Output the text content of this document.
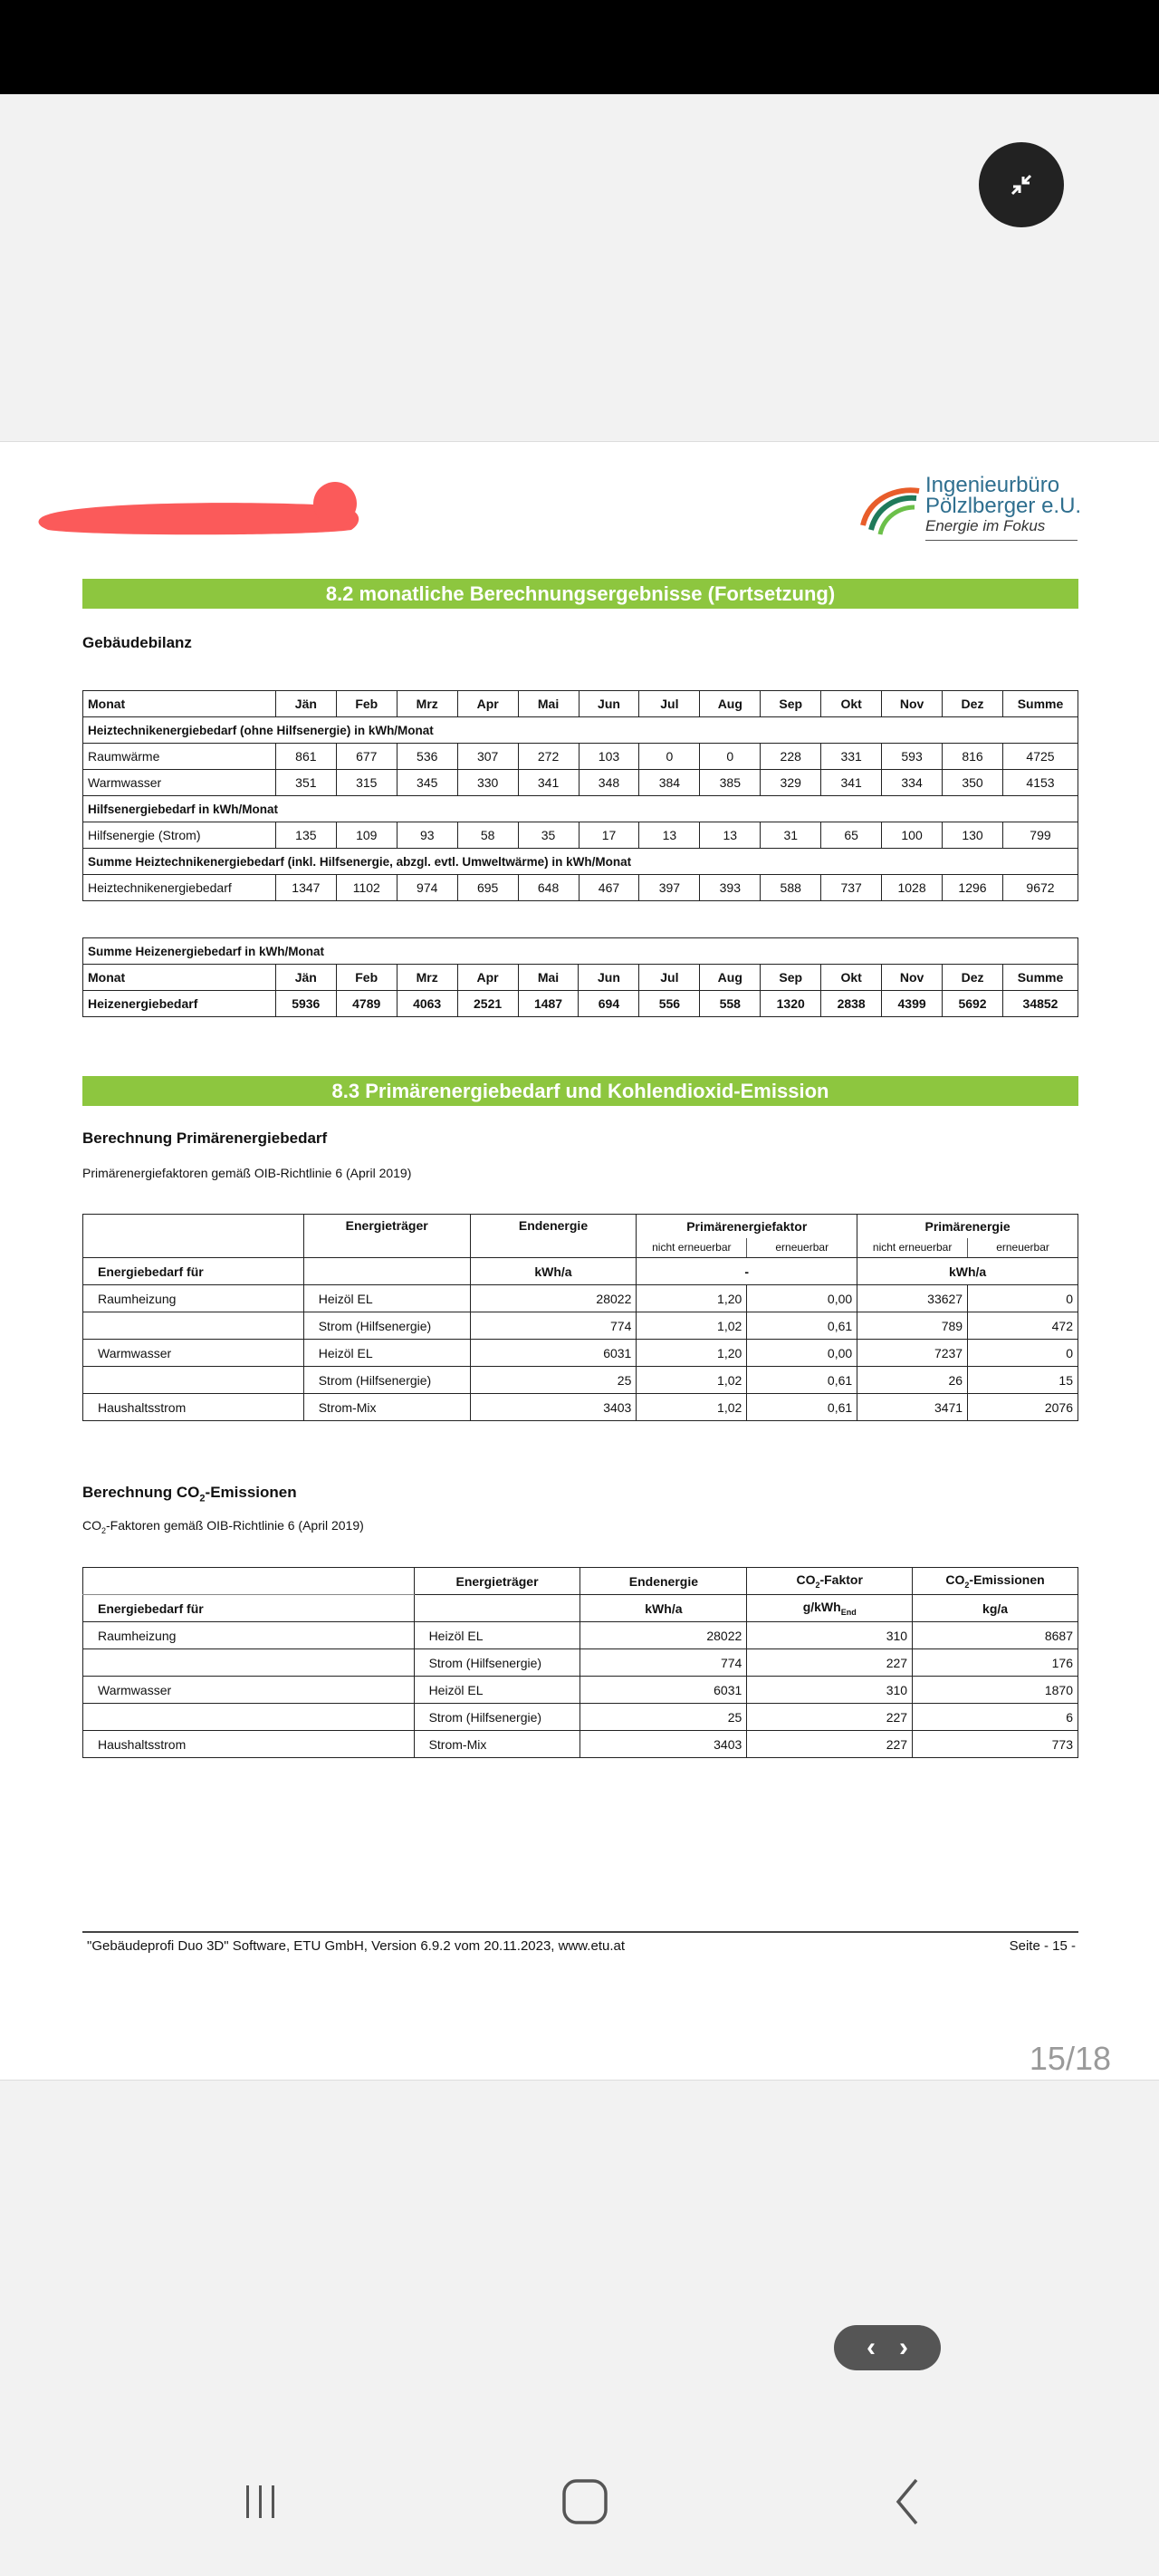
Ingenieurbüro
Pölzlberger e.U.
Energie im Fokus
8.2 monatliche Berechnungsergebnisse (Fortsetzung)
Gebäudebilanz
Monat	Jän	Feb	Mrz	Apr	Mai	Jun	Jul	Aug	Sep	Okt	Nov	Dez	Summe
Heiztechnikenergiebedarf (ohne Hilfsenergie) in kWh/Monat													
Raumwärme	861	677	536	307	272	103	0	0	228	331	593	816	4725
Warmwasser	351	315	345	330	341	348	384	385	329	341	334	350	4153
Hilfsenergiebedarf in kWh/Monat													
Hilfsenergie (Strom)	135	109	93	58	35	17	13	13	31	65	100	130	799
Summe Heiztechnikenergiebedarf (inkl. Hilfsenergie, abzgl. evtl. Umweltwärme) in kWh/Monat													
Heiztechnikenergiebedarf	1347	1102	974	695	648	467	397	393	588	737	1028	1296	9672
Summe Heizenergiebedarf in kWh/Monat													
Monat	Jän	Feb	Mrz	Apr	Mai	Jun	Jul	Aug	Sep	Okt	Nov	Dez	Summe
Heizenergiebedarf	5936	4789	4063	2521	1487	694	556	558	1320	2838	4399	5692	34852
8.3 Primärenergiebedarf und Kohlendioxid-Emission
Berechnung Primärenergiebedarf
Primärenergiefaktoren gemäß OIB-Richtlinie 6 (April 2019)
	Energieträger	Endenergie	Primärenergiefaktor		Primärenergie	
			nicht erneuerbar	erneuerbar	nicht erneuerbar	erneuerbar
Energiebedarf für		kWh/a	-		kWh/a	
Raumheizung	Heizöl EL	28022	1,20	0,00	33627	0
	Strom (Hilfsenergie)	774	1,02	0,61	789	472
Warmwasser	Heizöl EL	6031	1,20	0,00	7237	0
	Strom (Hilfsenergie)	25	1,02	0,61	26	15
Haushaltsstrom	Strom-Mix	3403	1,02	0,61	3471	2076
Berechnung $CO_2$-Emissionen
$CO_2$-Faktoren gemäß OIB-Richtlinie 6 (April 2019)
	Energieträger	Endenergie	$CO_2$-Faktor	$CO_2$-Emissionen
Energiebedarf für		kWh/a	g/kWh$_{End}$	kg/a
Raumheizung	Heizöl EL	28022	310	8687
	Strom (Hilfsenergie)	774	227	176
Warmwasser	Heizöl EL	6031	310	1870
	Strom (Hilfsenergie)	25	227	6
Haushaltsstrom	Strom-Mix	3403	227	773
"Gebäudeprofi Duo 3D" Software, ETU GmbH, Version 6.9.2 vom 20.11.2023, www.etu.at	Seite - 15 -
15/18
‹ ›
